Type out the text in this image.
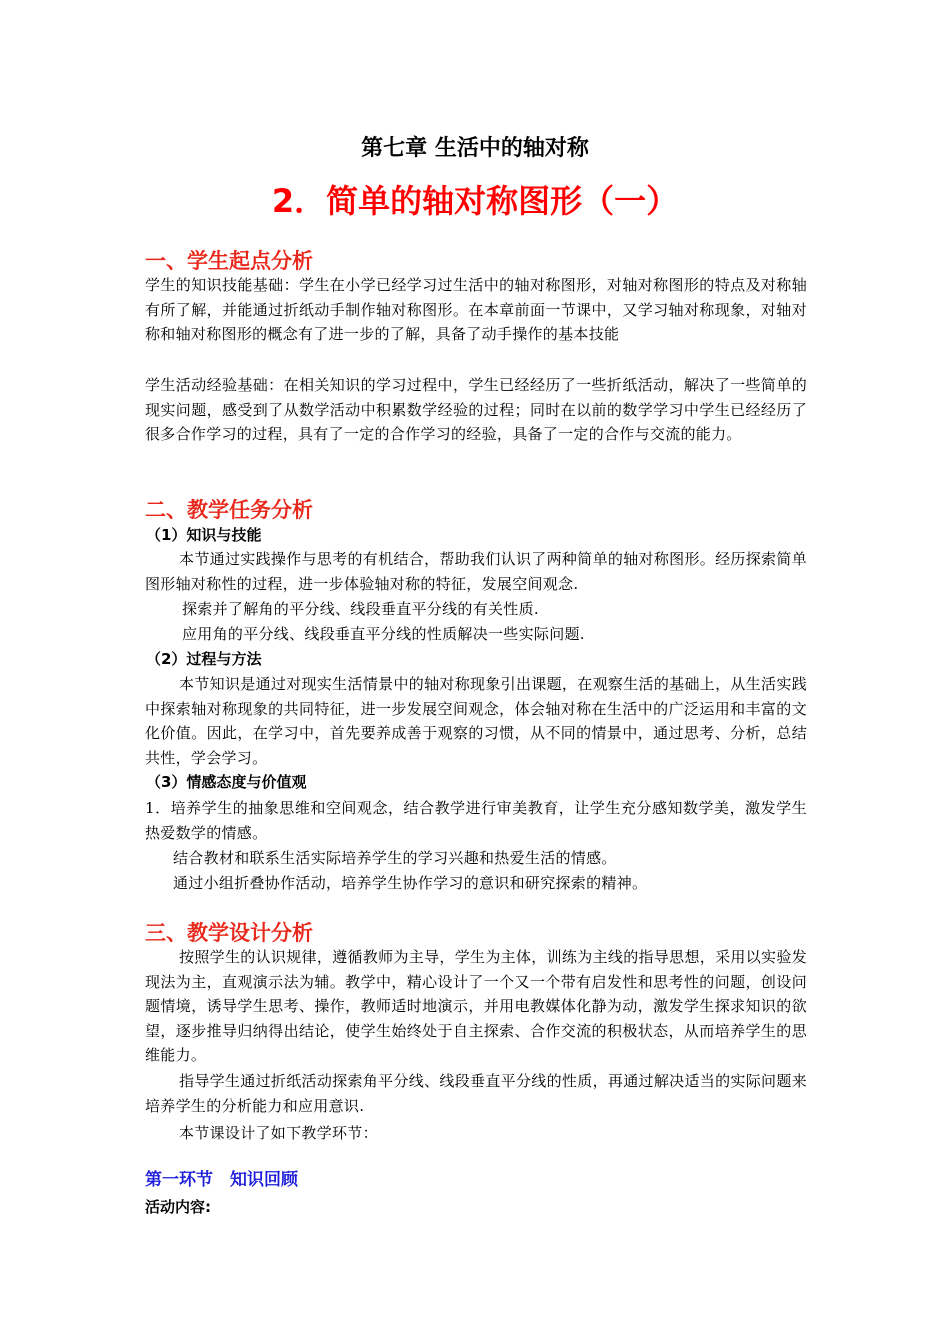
第七章 生活中的轴对称
2．简单的轴对称图形（一）
一、学生起点分析
学生的知识技能基础：学生在小学已经学习过生活中的轴对称图形，对轴对称图形的特点及对称轴有所了解，并能通过折纸动手制作轴对称图形。在本章前面一节课中，又学习轴对称现象，对轴对称和轴对称图形的概念有了进一步的了解，具备了动手操作的基本技能
学生活动经验基础：在相关知识的学习过程中，学生已经经历了一些折纸活动，解决了一些简单的现实问题，感受到了从数学活动中积累数学经验的过程；同时在以前的数学学习中学生已经经历了很多合作学习的过程，具有了一定的合作学习的经验，具备了一定的合作与交流的能力。
二、教学任务分析
（1）知识与技能
本节通过实践操作与思考的有机结合，帮助我们认识了两种简单的轴对称图形。经历探索简单图形轴对称性的过程，进一步体验轴对称的特征，发展空间观念.
探索并了解角的平分线、线段垂直平分线的有关性质.
应用角的平分线、线段垂直平分线的性质解决一些实际问题.
（2）过程与方法
本节知识是通过对现实生活情景中的轴对称现象引出课题，在观察生活的基础上，从生活实践中探索轴对称现象的共同特征，进一步发展空间观念，体会轴对称在生活中的广泛运用和丰富的文化价值。因此，在学习中，首先要养成善于观察的习惯，从不同的情景中，通过思考、分析，总结共性，学会学习。
（3）情感态度与价值观
1．培养学生的抽象思维和空间观念，结合教学进行审美教育，让学生充分感知数学美，激发学生热爱数学的情感。
结合教材和联系生活实际培养学生的学习兴趣和热爱生活的情感。
通过小组折叠协作活动，培养学生协作学习的意识和研究探索的精神。
三、教学设计分析
按照学生的认识规律，遵循教师为主导，学生为主体，训练为主线的指导思想，采用以实验发现法为主，直观演示法为辅。教学中，精心设计了一个又一个带有启发性和思考性的问题，创设问题情境，诱导学生思考、操作，教师适时地演示，并用电教媒体化静为动，激发学生探求知识的欲望，逐步推导归纳得出结论，使学生始终处于自主探索、合作交流的积极状态，从而培养学生的思维能力。
指导学生通过折纸活动探索角平分线、线段垂直平分线的性质，再通过解决适当的实际问题来培养学生的分析能力和应用意识.
本节课设计了如下教学环节：
第一环节　知识回顾
活动内容:
